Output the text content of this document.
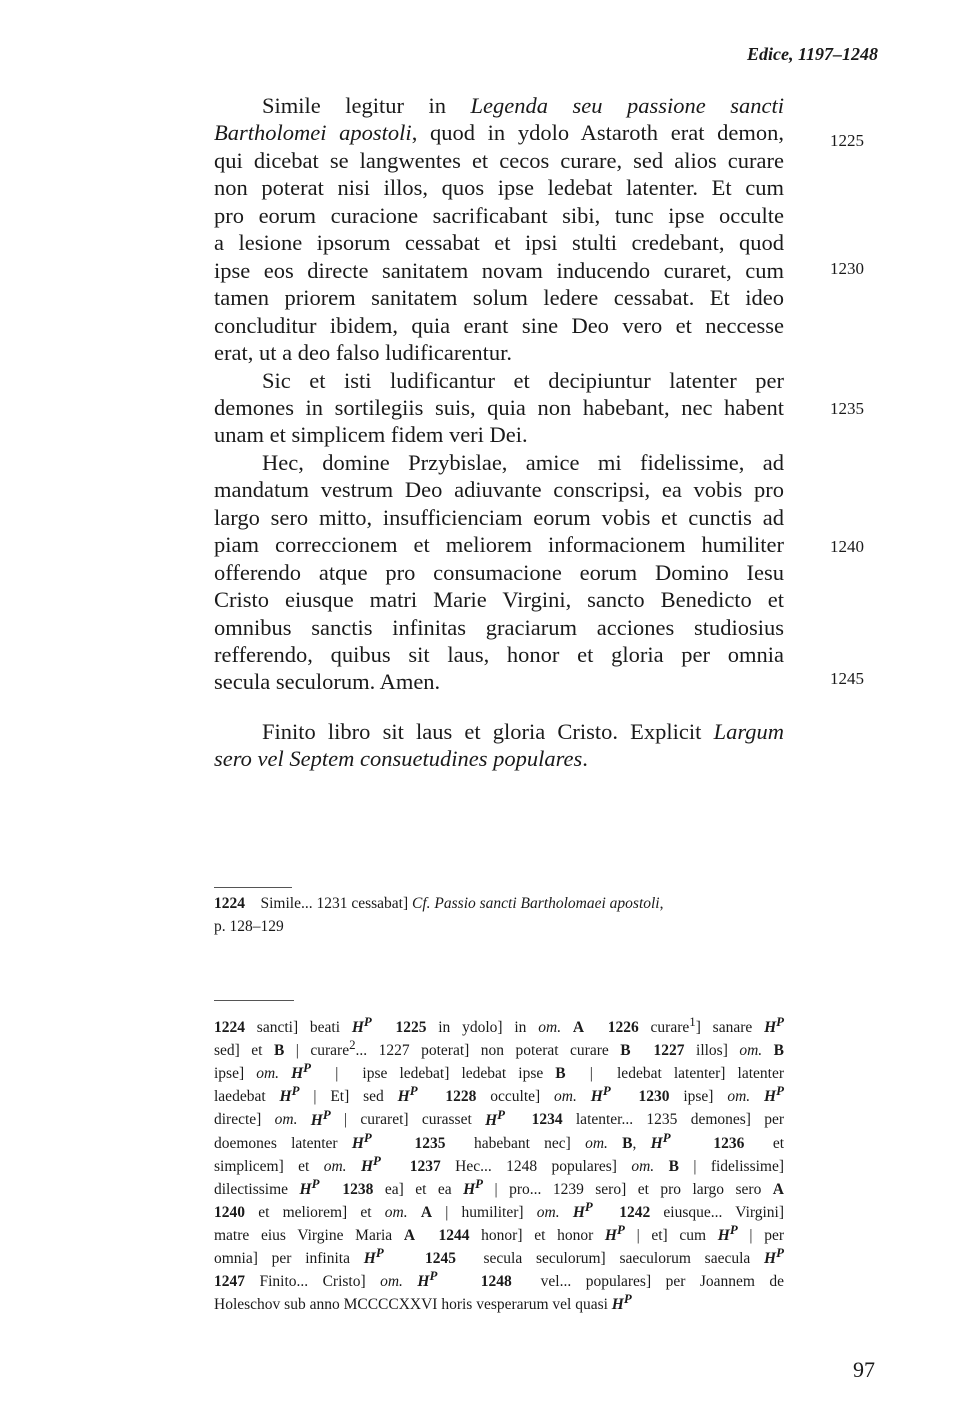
Edice, 1197–1248
Simile legitur in Legenda seu passione sancti
Bartholomei apostoli, quod in ydolo Astaroth erat demon,
qui dicebat se langwentes et cecos curare, sed alios curare
non poterat nisi illos, quos ipse ledebat latenter. Et cum
pro eorum curacione sacrificabant sibi, tunc ipse occulte
a lesione ipsorum cessabat et ipsi stulti credebant, quod
ipse eos directe sanitatem novam inducendo curaret, cum
tamen priorem sanitatem solum ledere cessabat. Et ideo
concluditur ibidem, quia erant sine Deo vero et neccesse
erat, ut a deo falso ludificarentur.
Sic et isti ludificantur et decipiuntur latenter per
demones in sortilegiis suis, quia non habebant, nec habent
unam et simplicem fidem veri Dei.
Hec, domine Przybislae, amice mi fidelissime, ad
mandatum vestrum Deo adiuvante conscripsi, ea vobis pro
largo sero mitto, insufficienciam eorum vobis et cunctis ad
piam correccionem et meliorem informacionem humiliter
offerendo atque pro consumacione eorum Domino Iesu
Cristo eiusque matri Marie Virgini, sancto Benedicto et
omnibus sanctis infinitas graciarum acciones studiosius
refferendo, quibus sit laus, honor et gloria per omnia
secula seculorum. Amen.
Finito libro sit laus et gloria Cristo. Explicit Largum
sero vel Septem consuetudines populares.
1225
1230
1235
1240
1245
1224    Simile... 1231 cessabat] Cf. Passio sancti Bartholomaei apostoli,
p. 128–129
1224 sancti] beati $H^P$ 1225 in ydolo] in om. A 1226 curare$^1$] sanare $H^P$
sed] et B | curare$^2$... 1227 poterat] non poterat curare B 1227 illos] om. B
ipse] om. $H^P$  |  ipse ledebat] ledebat ipse B  |  ledebat latenter] latenter
laedebat $H^P$ | Et] sed $H^P$ 1228 occulte] om. $H^P$ 1230 ipse] om. $H^P$
directe] om. $H^P$ | curaret] curasset $H^P$ 1234 latenter... 1235 demones] per
doemones latenter $H^P$	1235  habebant nec] om. B, $H^P$	1236  et
simplicem] et om. $H^P$ 1237 Hec... 1248 populares] om. B | fidelissime]
dilectissime $H^P$ 1238 ea] et ea $H^P$ | pro... 1239 sero] et pro largo sero A
1240 et meliorem] et om. A | humiliter] om. $H^P$ 1242 eiusque... Virgini]
matre eius Virgine Maria A 1244 honor] et honor $H^P$ | et] cum $H^P$ | per
omnia] per infinita $H^P$	1245  secula seculorum] saeculorum saecula $H^P$
1247 Finito... Cristo] om. $H^P$	1248  vel... populares] per Joannem de
Holeschov sub anno MCCCCXXVI horis vesperarum vel quasi $H^P$
97
